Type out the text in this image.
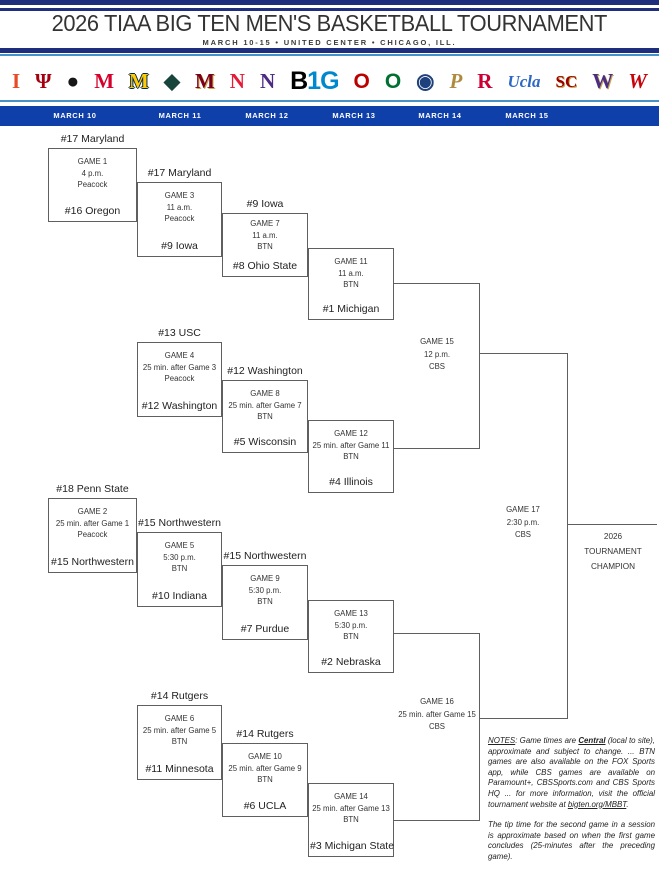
2026 TIAA BIG TEN MEN'S BASKETBALL TOURNAMENT
MARCH 10-15 • UNITED CENTER • CHICAGO, ILL.
I Ψ ● M M ◆ M N N B1G O O ◉ P R Ucla SC W W
MARCH 10	MARCH 11	MARCH 12	MARCH 13	MARCH 14	MARCH 15
#17 Maryland
GAME 1
4 p.m.
Peacock
#16 Oregon
#18 Penn State
GAME 2
25 min. after Game 1
Peacock
#15 Northwestern
#17 Maryland
GAME 3
11 a.m.
Peacock
#9 Iowa
#13 USC
GAME 4
25 min. after Game 3
Peacock
#12 Washington
#15 Northwestern
GAME 5
5:30 p.m.
BTN
#10 Indiana
#14 Rutgers
GAME 6
25 min. after Game 5
BTN
#11 Minnesota
#9 Iowa
GAME 7
11 a.m.
BTN
#8 Ohio State
#12 Washington
GAME 8
25 min. after Game 7
BTN
#5 Wisconsin
#15 Northwestern
GAME 9
5:30 p.m.
BTN
#7 Purdue
#14 Rutgers
GAME 10
25 min. after Game 9
BTN
#6 UCLA
GAME 11
11 a.m.
BTN
#1 Michigan
GAME 12
25 min. after Game 11
BTN
#4 Illinois
GAME 13
5:30 p.m.
BTN
#2 Nebraska
GAME 14
25 min. after Game 13
BTN
#3 Michigan State
GAME 15
12 p.m.
CBS
GAME 16
25 min. after Game 15
CBS
GAME 17
2:30 p.m.
CBS	2026
TOURNAMENT
CHAMPION
NOTES: Game times are Central (local to site), approximate and subject to change. ... BTN games are also available on the FOX Sports app, while CBS games are available on Paramount+, CBSSports.com and CBS Sports HQ ... for more information, visit the official tournament website at bigten.org/MBBT.
The tip time for the second game in a session is approximate based on when the first game concludes (25-minutes after the preceding game).
